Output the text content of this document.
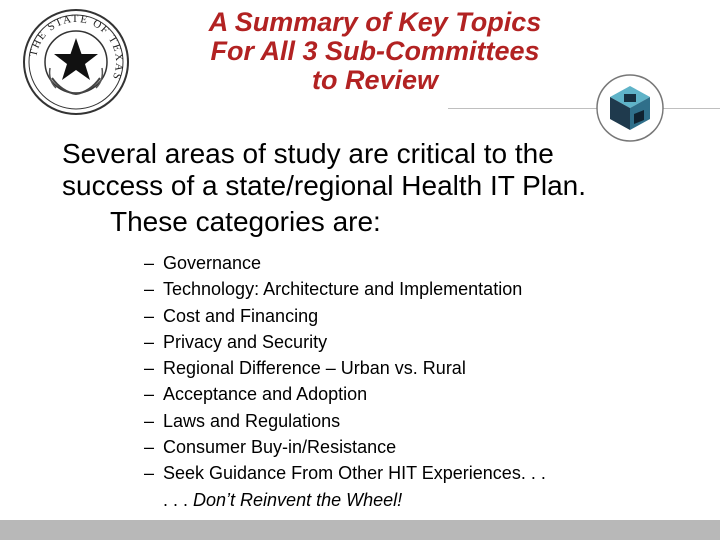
THE STATE OF TEXAS
A Summary of Key Topics
For All 3 Sub-Committees
to Review
Several areas of study are critical to the
success of a state/regional Health IT Plan.
These categories are:
– Governance
– Technology: Architecture and Implementation
– Cost and Financing
– Privacy and Security
– Regional Difference – Urban vs. Rural
– Acceptance and Adoption
– Laws and Regulations
– Consumer Buy-in/Resistance
– Seek Guidance From Other HIT Experiences. . .
. . . Don’t Reinvent the Wheel!
